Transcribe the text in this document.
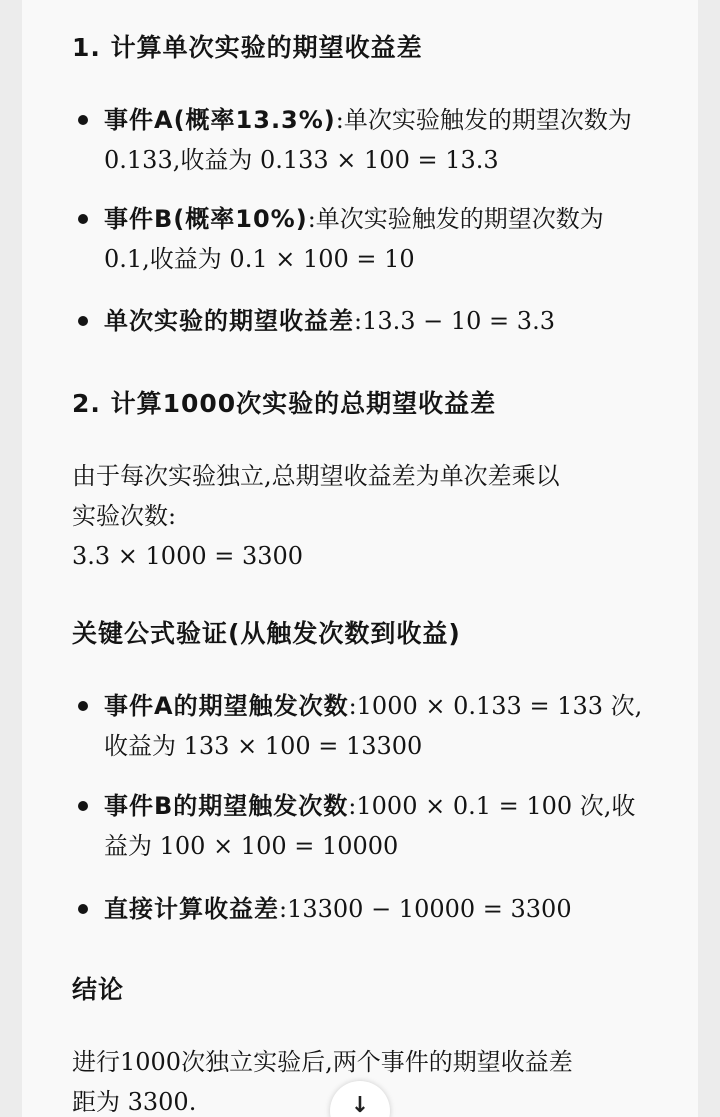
1. 计算单次实验的期望收益差
事件A(概率13.3%):单次实验触发的期望次数为
0.133,收益为 0.133 × 100 = 13.3
事件B(概率10%):单次实验触发的期望次数为
0.1,收益为 0.1 × 100 = 10
单次实验的期望收益差:13.3 − 10 = 3.3
2. 计算1000次实验的总期望收益差
由于每次实验独立,总期望收益差为单次差乘以
实验次数:
3.3 × 1000 = 3300
关键公式验证(从触发次数到收益)
事件A的期望触发次数:1000 × 0.133 = 133 次,
收益为 133 × 100 = 13300
事件B的期望触发次数:1000 × 0.1 = 100 次,收
益为 100 × 100 = 10000
直接计算收益差:13300 − 10000 = 3300
结论
进行1000次独立实验后,两个事件的期望收益差
距为 3300.	↓
